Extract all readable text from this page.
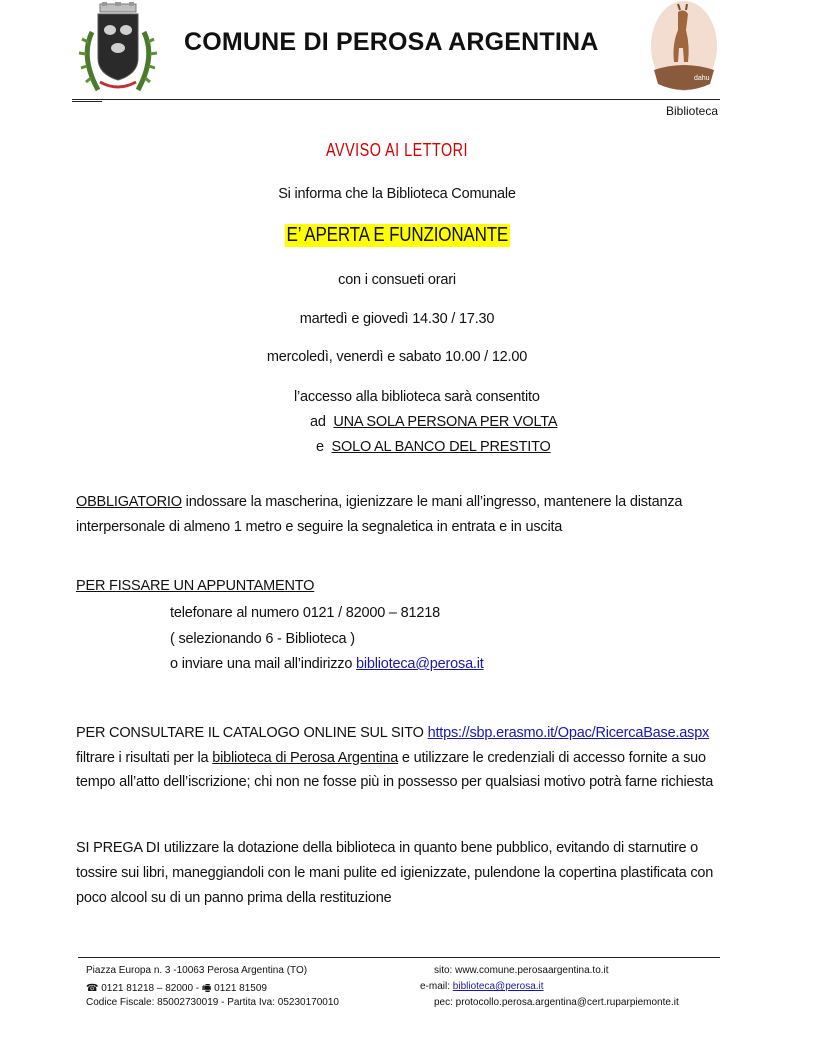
COMUNE DI PEROSA ARGENTINA
dahu
Biblioteca
AVVISO AI LETTORI
Si informa che la Biblioteca Comunale
E’ APERTA E FUNZIONANTE
con i consueti orari
martedì e giovedì 14.30 / 17.30
mercoledì, venerdì e sabato 10.00 / 12.00
l’accesso alla biblioteca sarà consentito
ad  UNA SOLA PERSONA PER VOLTA
e  SOLO AL BANCO DEL PRESTITO
OBBLIGATORIO indossare la mascherina, igienizzare le mani all’ingresso, mantenere la distanza interpersonale di almeno 1 metro e seguire la segnaletica in entrata e in uscita
PER FISSARE UN APPUNTAMENTO
telefonare al numero 0121 / 82000 – 81218
( selezionando 6 - Biblioteca )
o inviare una mail all’indirizzo biblioteca@perosa.it
PER CONSULTARE IL CATALOGO ONLINE SUL SITO https://sbp.erasmo.it/Opac/RicercaBase.aspx filtrare i risultati per la biblioteca di Perosa Argentina e utilizzare le credenziali di accesso fornite a suo tempo all’atto dell’iscrizione; chi non ne fosse più in possesso per qualsiasi motivo potrà farne richiesta
SI PREGA DI utilizzare la dotazione della biblioteca in quanto bene pubblico, evitando di starnutire o tossire sui libri, maneggiandoli con le mani pulite ed igienizzate, pulendone la copertina plastificata con poco alcool su di un panno prima della restituzione
Piazza Europa n. 3 -10063 Perosa Argentina (TO)
☎ 0121 81218 – 82000 - 🖷 0121 81509
Codice Fiscale: 85002730019 - Partita Iva: 05230170010
sito: www.comune.perosaargentina.to.it
e-mail: biblioteca@perosa.it
pec: protocollo.perosa.argentina@cert.ruparpiemonte.it
